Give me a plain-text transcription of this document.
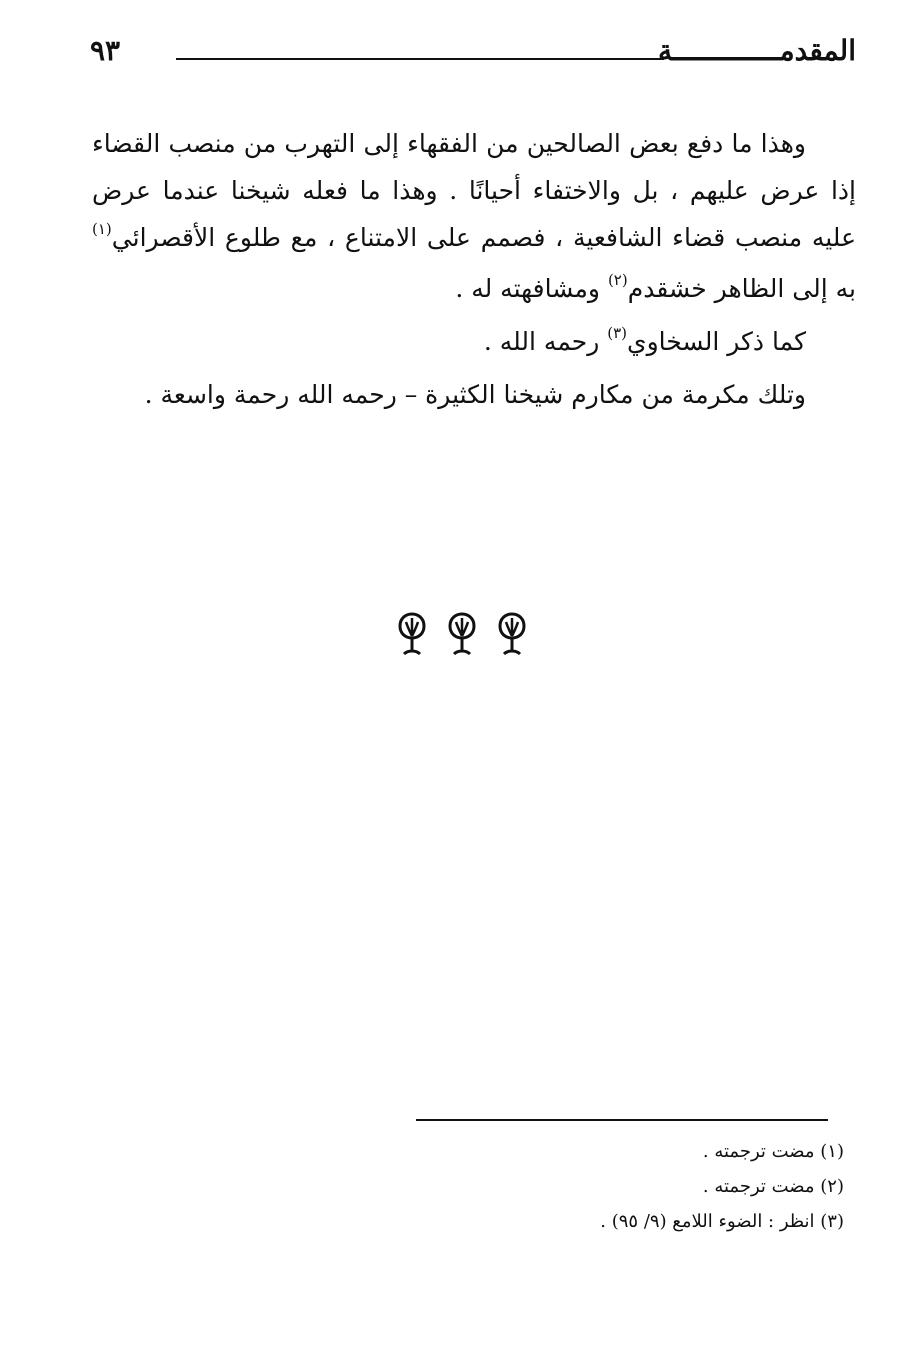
٩٣	المقدمـــــــــــــة

وهذا ما دفع بعض الصالحين من الفقهاء إلى التهرب من منصب القضاء إذا عرض عليهم ، بل والاختفاء أحيانًا . وهذا ما فعله شيخنا عندما عرض عليه منصب قضاء الشافعية ، فصمم على الامتناع ، مع طلوع الأقصرائي$^{(١)}$ به إلى الظاهر خشقدم$^{(٢)}$ ومشافهته له .

كما ذكر السخاوي$^{(٣)}$ رحمه الله .

وتلك مكرمة من مكارم شيخنا الكثيرة – رحمه الله رحمة واسعة .

(١) مضت ترجمته .
(٢) مضت ترجمته .
(٣) انظر : الضوء اللامع (٩/ ٩٥) .
